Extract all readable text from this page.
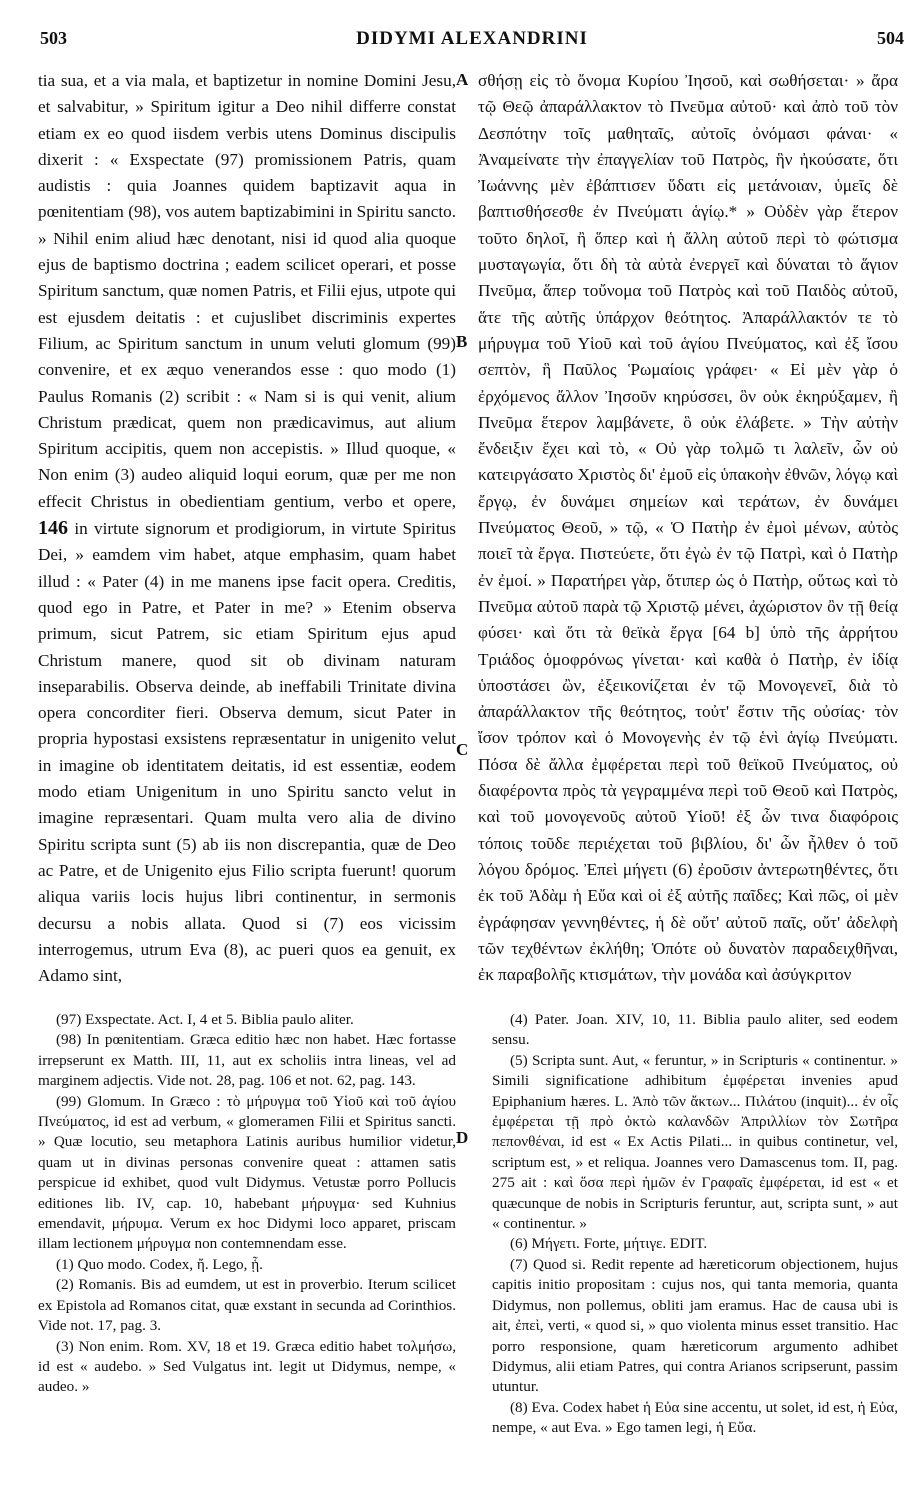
503	DIDYMI ALEXANDRINI	504

tia sua, et a via mala, et baptizetur in nomine Domini Jesu, et salvabitur, » Spiritum igitur a Deo nihil differre constat etiam ex eo quod iisdem verbis utens Dominus discipulis dixerit : « Exspectate (97) promissionem Patris, quam audistis : quia Joannes quidem baptizavit aqua in pœnitentiam (98), vos autem baptizabimini in Spiritu sancto. » Nihil enim aliud hæc denotant, nisi id quod alia quoque ejus de baptismo doctrina ; eadem scilicet operari, et posse Spiritum sanctum, quæ nomen Patris, et Filii ejus, utpote qui est ejusdem deitatis : et cujuslibet discriminis expertes Filium, ac Spiritum sanctum in unum veluti glomum (99) convenire, et ex æquo venerandos esse : quo modo (1) Paulus Romanis (2) scribit : « Nam si is qui venit, alium Christum prædicat, quem non prædicavimus, aut alium Spiritum accipitis, quem non accepistis. » Illud quoque, « Non enim (3) audeo aliquid loqui eorum, quæ per me non effecit Christus in obedientiam gentium, verbo et opere, 146 in virtute signorum et prodigiorum, in virtute Spiritus Dei, » eamdem vim habet, atque emphasim, quam habet illud : « Pater (4) in me manens ipse facit opera. Creditis, quod ego in Patre, et Pater in me? » Etenim observa primum, sicut Patrem, sic etiam Spiritum ejus apud Christum manere, quod sit ob divinam naturam inseparabilis. Observa deinde, ab ineffabili Trinitate divina opera concorditer fieri. Observa demum, sicut Pater in propria hypostasi exsistens repræsentatur in unigenito velut in imagine ob identitatem deitatis, id est essentiæ, eodem modo etiam Unigenitum in uno Spiritu sancto velut in imagine repræsentari. Quam multa vero alia de divino Spiritu scripta sunt (5) ab iis non discrepantia, quæ de Deo ac Patre, et de Unigenito ejus Filio scripta fuerunt! quorum aliqua variis locis hujus libri continentur, in sermonis decursu a nobis allata. Quod si (7) eos vicissim interrogemus, utrum Eva (8), ac pueri quos ea genuit, ex Adamo sint,

A
B
C
D

σθήσῃ εἰς τὸ ὄνομα Κυρίου Ἰησοῦ, καὶ σωθήσεται· » ἄρα τῷ Θεῷ ἀπαράλλακτον τὸ Πνεῦμα αὐτοῦ· καὶ ἀπὸ τοῦ τὸν Δεσπότην τοῖς μαθηταῖς, αὐτοῖς ὀνόμασι φάναι· « Ἀναμείνατε τὴν ἐπαγγελίαν τοῦ Πατρὸς, ἣν ἠκούσατε, ὅτι Ἰωάννης μὲν ἐβάπτισεν ὕδατι εἰς μετάνοιαν, ὑμεῖς δὲ βαπτισθήσεσθε ἐν Πνεύματι ἁγίῳ.* » Οὐδὲν γὰρ ἕτερον τοῦτο δηλοῖ, ἢ ὅπερ καὶ ἡ ἄλλη αὐτοῦ περὶ τὸ φώτισμα μυσταγωγία, ὅτι δὴ τὰ αὐτὰ ἐνεργεῖ καὶ δύναται τὸ ἅγιον Πνεῦμα, ἅπερ τοὔνομα τοῦ Πατρὸς καὶ τοῦ Παιδὸς αὐτοῦ, ἅτε τῆς αὐτῆς ὑπάρχον θεότητος. Ἀπαράλλακτόν τε τὸ μήρυγμα τοῦ Υἱοῦ καὶ τοῦ ἁγίου Πνεύματος, καὶ ἐξ ἴσου σεπτὸν, ἣ Παῦλος Ῥωμαίοις γράφει· « Εἰ μὲν γὰρ ὁ ἐρχόμενος ἄλλον Ἰησοῦν κηρύσσει, ὃν οὐκ ἐκηρύξαμεν, ἢ Πνεῦμα ἕτερον λαμβάνετε, ὃ οὐκ ἐλάβετε. » Τὴν αὐτὴν ἔνδειξιν ἔχει καὶ τὸ, « Οὐ γὰρ τολμῶ τι λαλεῖν, ὧν οὐ κατειργάσατο Χριστὸς δι' ἐμοῦ εἰς ὑπακοὴν ἐθνῶν, λόγῳ καὶ ἔργῳ, ἐν δυνάμει σημείων καὶ τεράτων, ἐν δυνάμει Πνεύματος Θεοῦ, » τῷ, « Ὁ Πατὴρ ἐν ἐμοὶ μένων, αὐτὸς ποιεῖ τὰ ἔργα. Πιστεύετε, ὅτι ἐγὼ ἐν τῷ Πατρὶ, καὶ ὁ Πατὴρ ἐν ἐμοί. » Παρατήρει γὰρ, ὅτιπερ ὡς ὁ Πατὴρ, οὕτως καὶ τὸ Πνεῦμα αὐτοῦ παρὰ τῷ Χριστῷ μένει, ἀχώριστον ὂν τῇ θείᾳ φύσει· καὶ ὅτι τὰ θεϊκὰ ἔργα [64 b] ὑπὸ τῆς ἀρρήτου Τριάδος ὁμοφρόνως γίνεται· καὶ καθὰ ὁ Πατὴρ, ἐν ἰδίᾳ ὑποστάσει ὢν, ἐξεικονίζεται ἐν τῷ Μονογενεῖ, διὰ τὸ ἀπαράλλακτον τῆς θεότητος, τοὐτ' ἔστιν τῆς οὐσίας· τὸν ἴσον τρόπον καὶ ὁ Μονογενὴς ἐν τῷ ἑνὶ ἁγίῳ Πνεύματι. Πόσα δὲ ἄλλα ἐμφέρεται περὶ τοῦ θεϊκοῦ Πνεύματος, οὐ διαφέροντα πρὸς τὰ γεγραμμένα περὶ τοῦ Θεοῦ καὶ Πατρὸς, καὶ τοῦ μονογενοῦς αὐτοῦ Υἱοῦ! ἐξ ὧν τινα διαφόροις τόποις τοῦδε περιέχεται τοῦ βιβλίου, δι' ὧν ἦλθεν ὁ τοῦ λόγου δρόμος. Ἐπεὶ μήγετι (6) ἐροῦσιν ἀντερωτηθέντες, ὅτι ἐκ τοῦ Ἀδὰμ ἡ Εὔα καὶ οἱ ἐξ αὐτῆς παῖδες; Καὶ πῶς, οἱ μὲν ἐγράφησαν γεννηθέντες, ἡ δὲ οὔτ' αὐτοῦ παῖς, οὔτ' ἀδελφὴ τῶν τεχθέντων ἐκλήθη; Ὁπότε οὐ δυνατὸν παραδειχθῆναι, ἐκ παραβολῆς κτισμάτων, τὴν μονάδα καὶ ἀσύγκριτον

(97) Exspectate. Act. I, 4 et 5. Biblia paulo aliter.

(98) In pœnitentiam. Græca editio hæc non habet. Hæc fortasse irrepserunt ex Matth. III, 11, aut ex scholiis intra lineas, vel ad marginem adjectis. Vide not. 28, pag. 106 et not. 62, pag. 143.

(99) Glomum. In Græco : τὸ μήρυγμα τοῦ Υἱοῦ καὶ τοῦ ἁγίου Πνεύματος, id est ad verbum, « glomeramen Filii et Spiritus sancti. » Quæ locutio, seu metaphora Latinis auribus humilior videtur, quam ut in divinas personas convenire queat : attamen satis perspicue id exhibet, quod vult Didymus. Vetustæ porro Pollucis editiones lib. IV, cap. 10, habebant μήρυγμα· sed Kuhnius emendavit, μήρυμα. Verum ex hoc Didymi loco apparet, priscam illam lectionem μήρυγμα non contemnendam esse.

(1) Quo modo. Codex, ἤ. Lego, ᾗ.

(2) Romanis. Bis ad eumdem, ut est in proverbio. Iterum scilicet ex Epistola ad Romanos citat, quæ exstant in secunda ad Corinthios. Vide not. 17, pag. 3.

(3) Non enim. Rom. XV, 18 et 19. Græca editio habet τολμήσω, id est « audebo. » Sed Vulgatus int. legit ut Didymus, nempe, « audeo. »

(4) Pater. Joan. XIV, 10, 11. Biblia paulo aliter, sed eodem sensu.

(5) Scripta sunt. Aut, « feruntur, » in Scripturis « continentur. » Simili significatione adhibitum ἐμφέρεται invenies apud Epiphanium hæres. L. Ἀπὸ τῶν ἄκτων... Πιλάτου (inquit)... ἐν οἷς ἐμφέρεται τῇ πρὸ ὀκτὼ καλανδῶν Ἀπριλλίων τὸν Σωτῆρα πεπονθέναι, id est « Ex Actis Pilati... in quibus continetur, vel, scriptum est, » et reliqua. Joannes vero Damascenus tom. II, pag. 275 ait : καὶ ὅσα περὶ ἡμῶν ἐν Γραφαῖς ἐμφέρεται, id est « et quæcunque de nobis in Scripturis feruntur, aut, scripta sunt, » aut « continentur. »

(6) Μήγετι. Forte, μήτιγε. EDIT.

(7) Quod si. Redit repente ad hæreticorum objectionem, hujus capitis initio propositam : cujus nos, qui tanta memoria, quanta Didymus, non pollemus, obliti jam eramus. Hac de causa ubi is ait, ἐπεὶ, verti, « quod si, » quo violenta minus esset transitio. Hac porro responsione, quam hæreticorum argumento adhibet Didymus, alii etiam Patres, qui contra Arianos scripserunt, passim utuntur.

(8) Eva. Codex habet ἡ Εὐα sine accentu, ut solet, id est, ἡ Εὐα, nempe, « aut Eva. » Ego tamen legi, ἡ Εὔα.
